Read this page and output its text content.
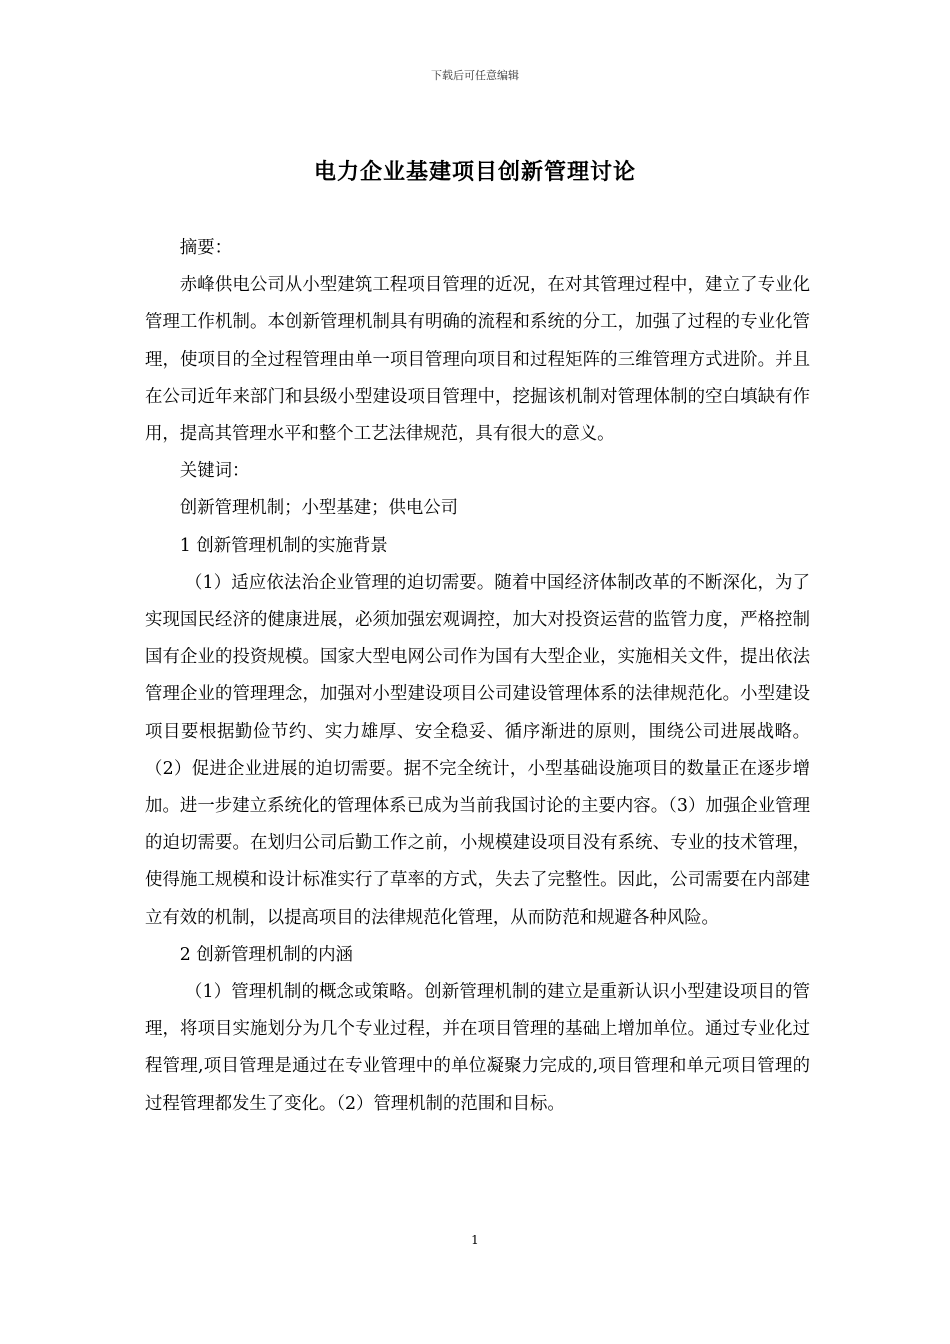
下载后可任意编辑
电力企业基建项目创新管理讨论

摘要：

赤峰供电公司从小型建筑工程项目管理的近况，在对其管理过程中，建立了专业化管理工作机制。本创新管理机制具有明确的流程和系统的分工，加强了过程的专业化管理，使项目的全过程管理由单一项目管理向项目和过程矩阵的三维管理方式进阶。并且在公司近年来部门和县级小型建设项目管理中，挖掘该机制对管理体制的空白填缺有作用，提高其管理水平和整个工艺法律规范，具有很大的意义。

关键词：

创新管理机制；小型基建；供电公司

1 创新管理机制的实施背景

（1）适应依法治企业管理的迫切需要。随着中国经济体制改革的不断深化，为了实现国民经济的健康进展，必须加强宏观调控，加大对投资运营的监管力度，严格控制国有企业的投资规模。国家大型电网公司作为国有大型企业，实施相关文件，提出依法管理企业的管理理念，加强对小型建设项目公司建设管理体系的法律规范化。小型建设项目要根据勤俭节约、实力雄厚、安全稳妥、循序渐进的原则，围绕公司进展战略。（2）促进企业进展的迫切需要。据不完全统计，小型基础设施项目的数量正在逐步增加。进一步建立系统化的管理体系已成为当前我国讨论的主要内容。（3）加强企业管理的迫切需要。在划归公司后勤工作之前，小规模建设项目没有系统、专业的技术管理，使得施工规模和设计标准实行了草率的方式，失去了完整性。因此，公司需要在内部建立有效的机制，以提高项目的法律规范化管理，从而防范和规避各种风险。

2 创新管理机制的内涵

（1）管理机制的概念或策略。创新管理机制的建立是重新认识小型建设项目的管理，将项目实施划分为几个专业过程，并在项目管理的基础上增加单位。通过专业化过程管理,项目管理是通过在专业管理中的单位凝聚力完成的,项目管理和单元项目管理的过程管理都发生了变化。（2）管理机制的范围和目标。

1
